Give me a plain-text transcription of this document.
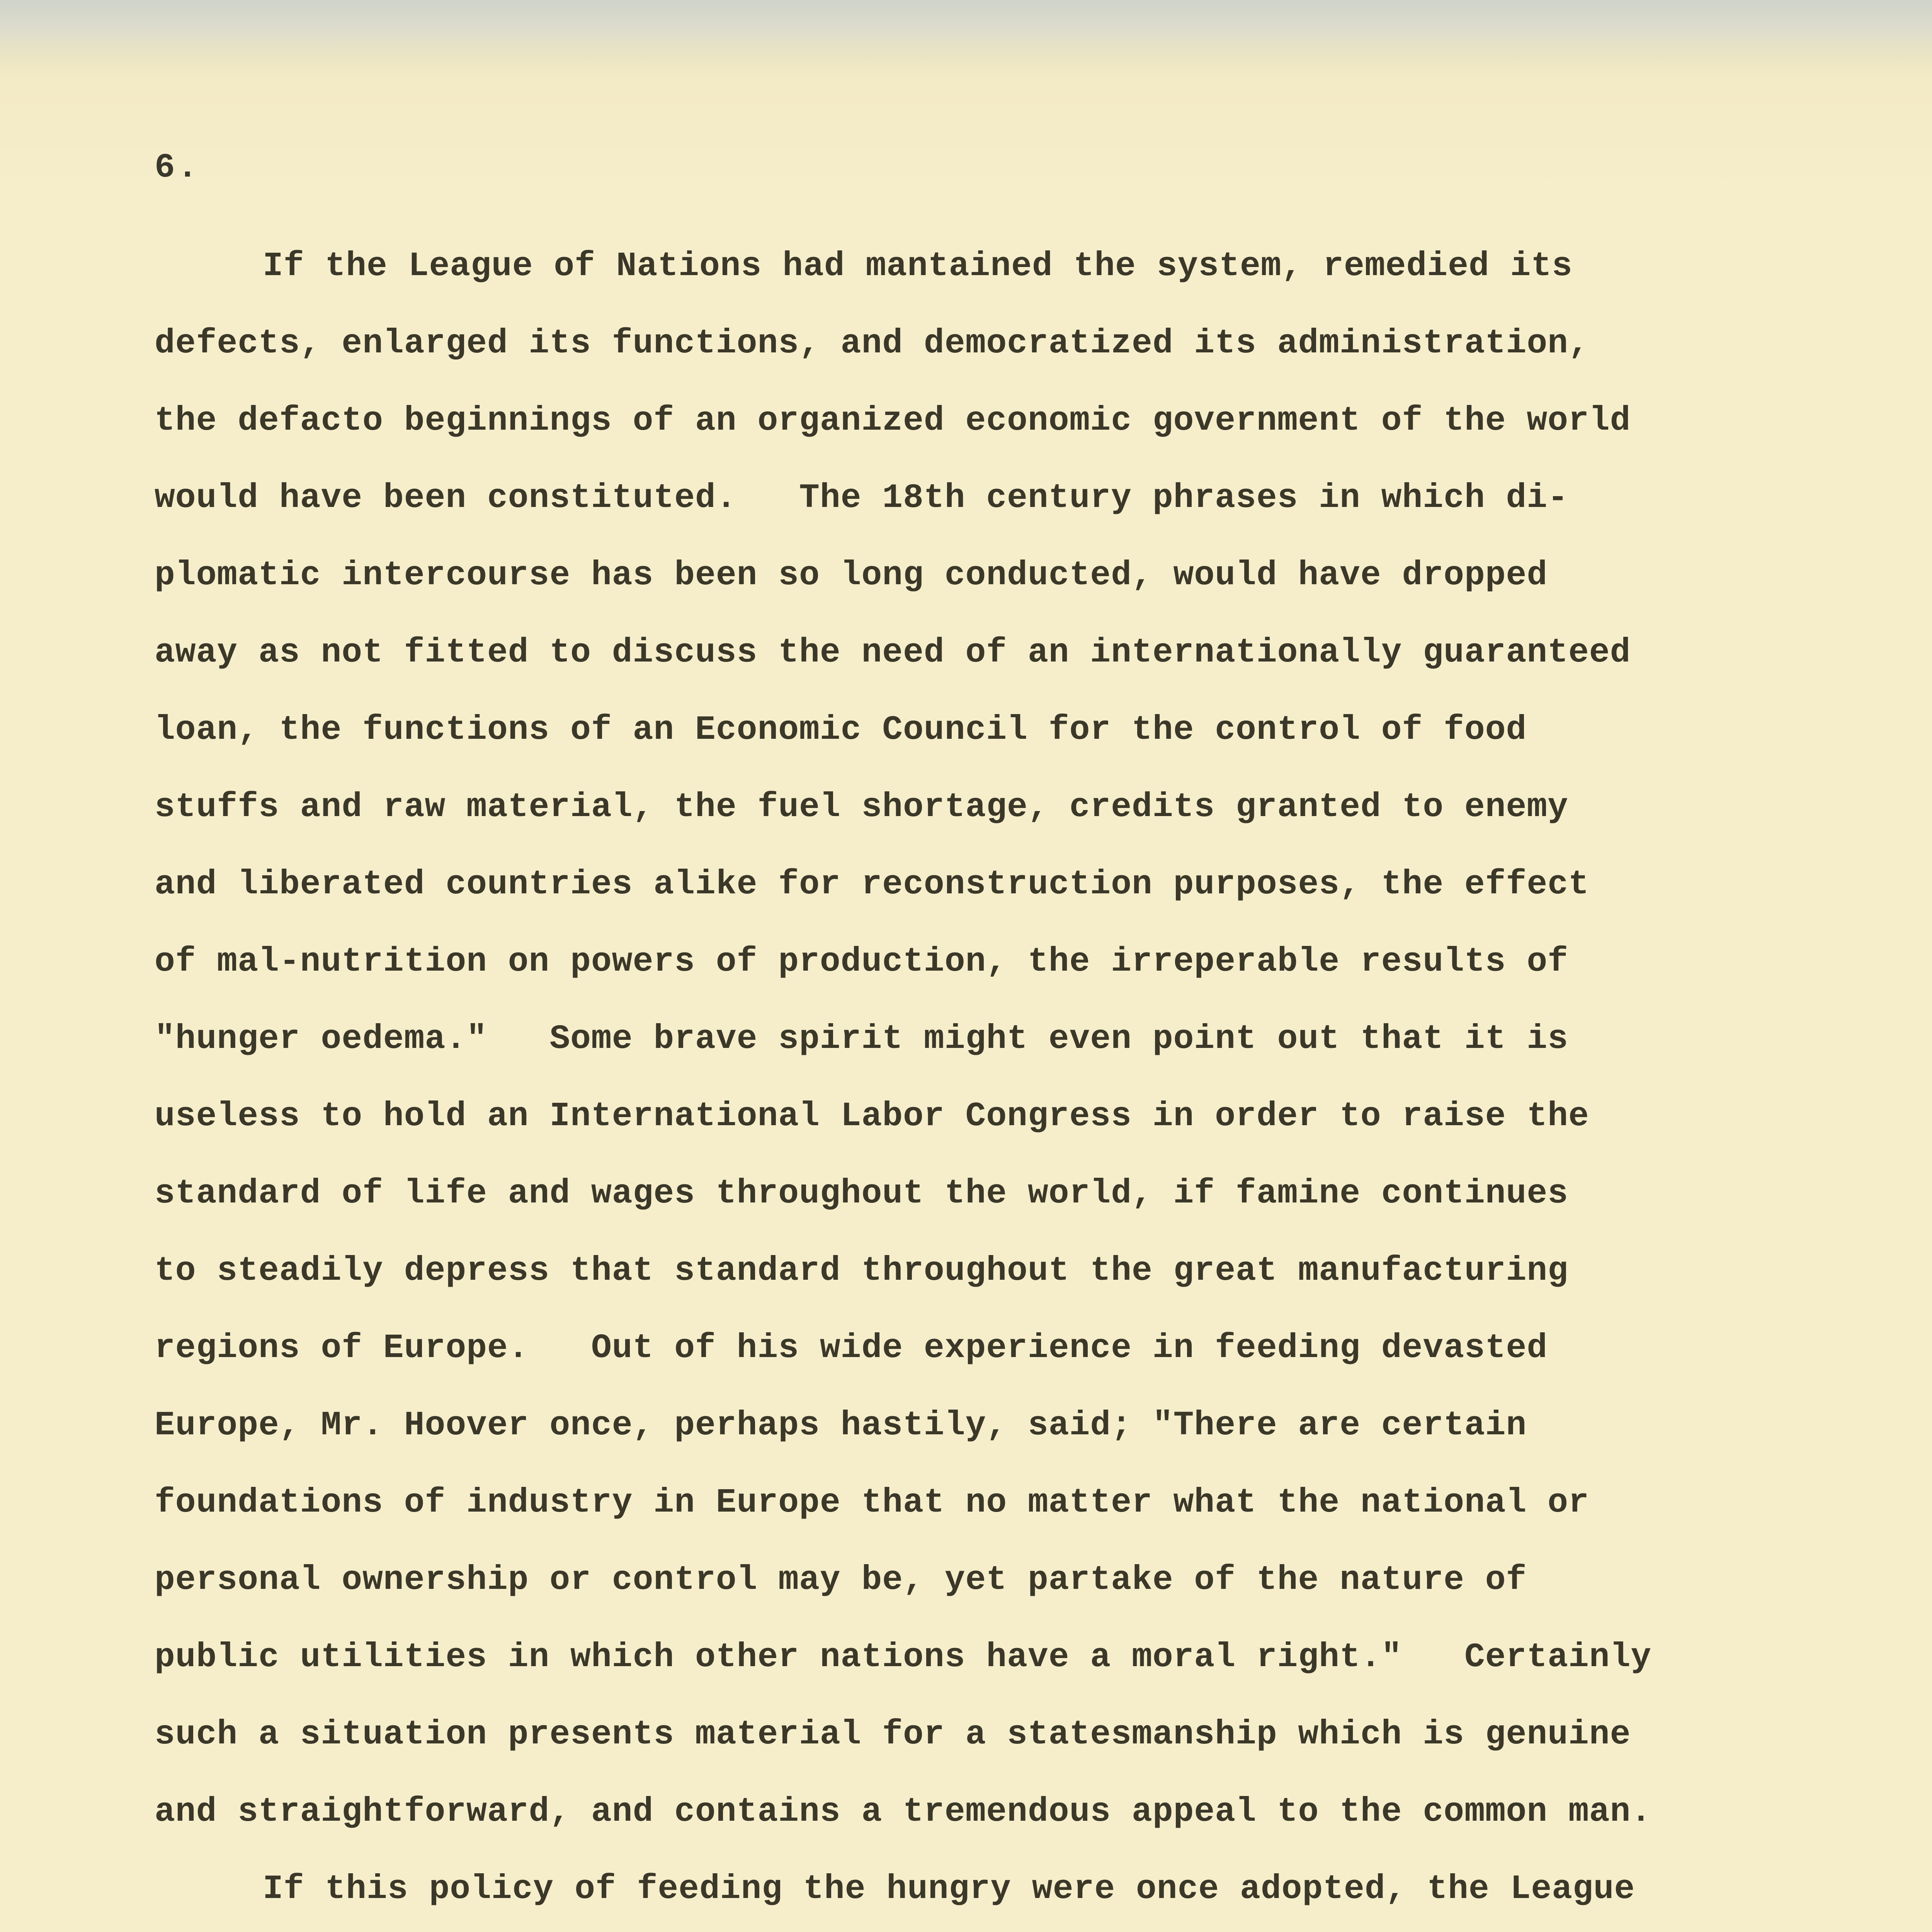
6.
If the League of Nations had mantained the system, remedied its
defects, enlarged its functions, and democratized its administration,
the defacto beginnings of an organized economic government of the world
would have been constituted.   The 18th century phrases in which di-
plomatic intercourse has been so long conducted, would have dropped
away as not fitted to discuss the need of an internationally guaranteed
loan, the functions of an Economic Council for the control of food
stuffs and raw material, the fuel shortage, credits granted to enemy
and liberated countries alike for reconstruction purposes, the effect
of mal-nutrition on powers of production, the irreperable results of
"hunger oedema."   Some brave spirit might even point out that it is
useless to hold an International Labor Congress in order to raise the
standard of life and wages throughout the world, if famine continues
to steadily depress that standard throughout the great manufacturing
regions of Europe.   Out of his wide experience in feeding devasted
Europe, Mr. Hoover once, perhaps hastily, said; "There are certain
foundations of industry in Europe that no matter what the national or
personal ownership or control may be, yet partake of the nature of
public utilities in which other nations have a moral right."   Certainly
such a situation presents material for a statesmanship which is genuine
and straightforward, and contains a tremendous appeal to the common man.
If this policy of feeding the hungry were once adopted, the League
